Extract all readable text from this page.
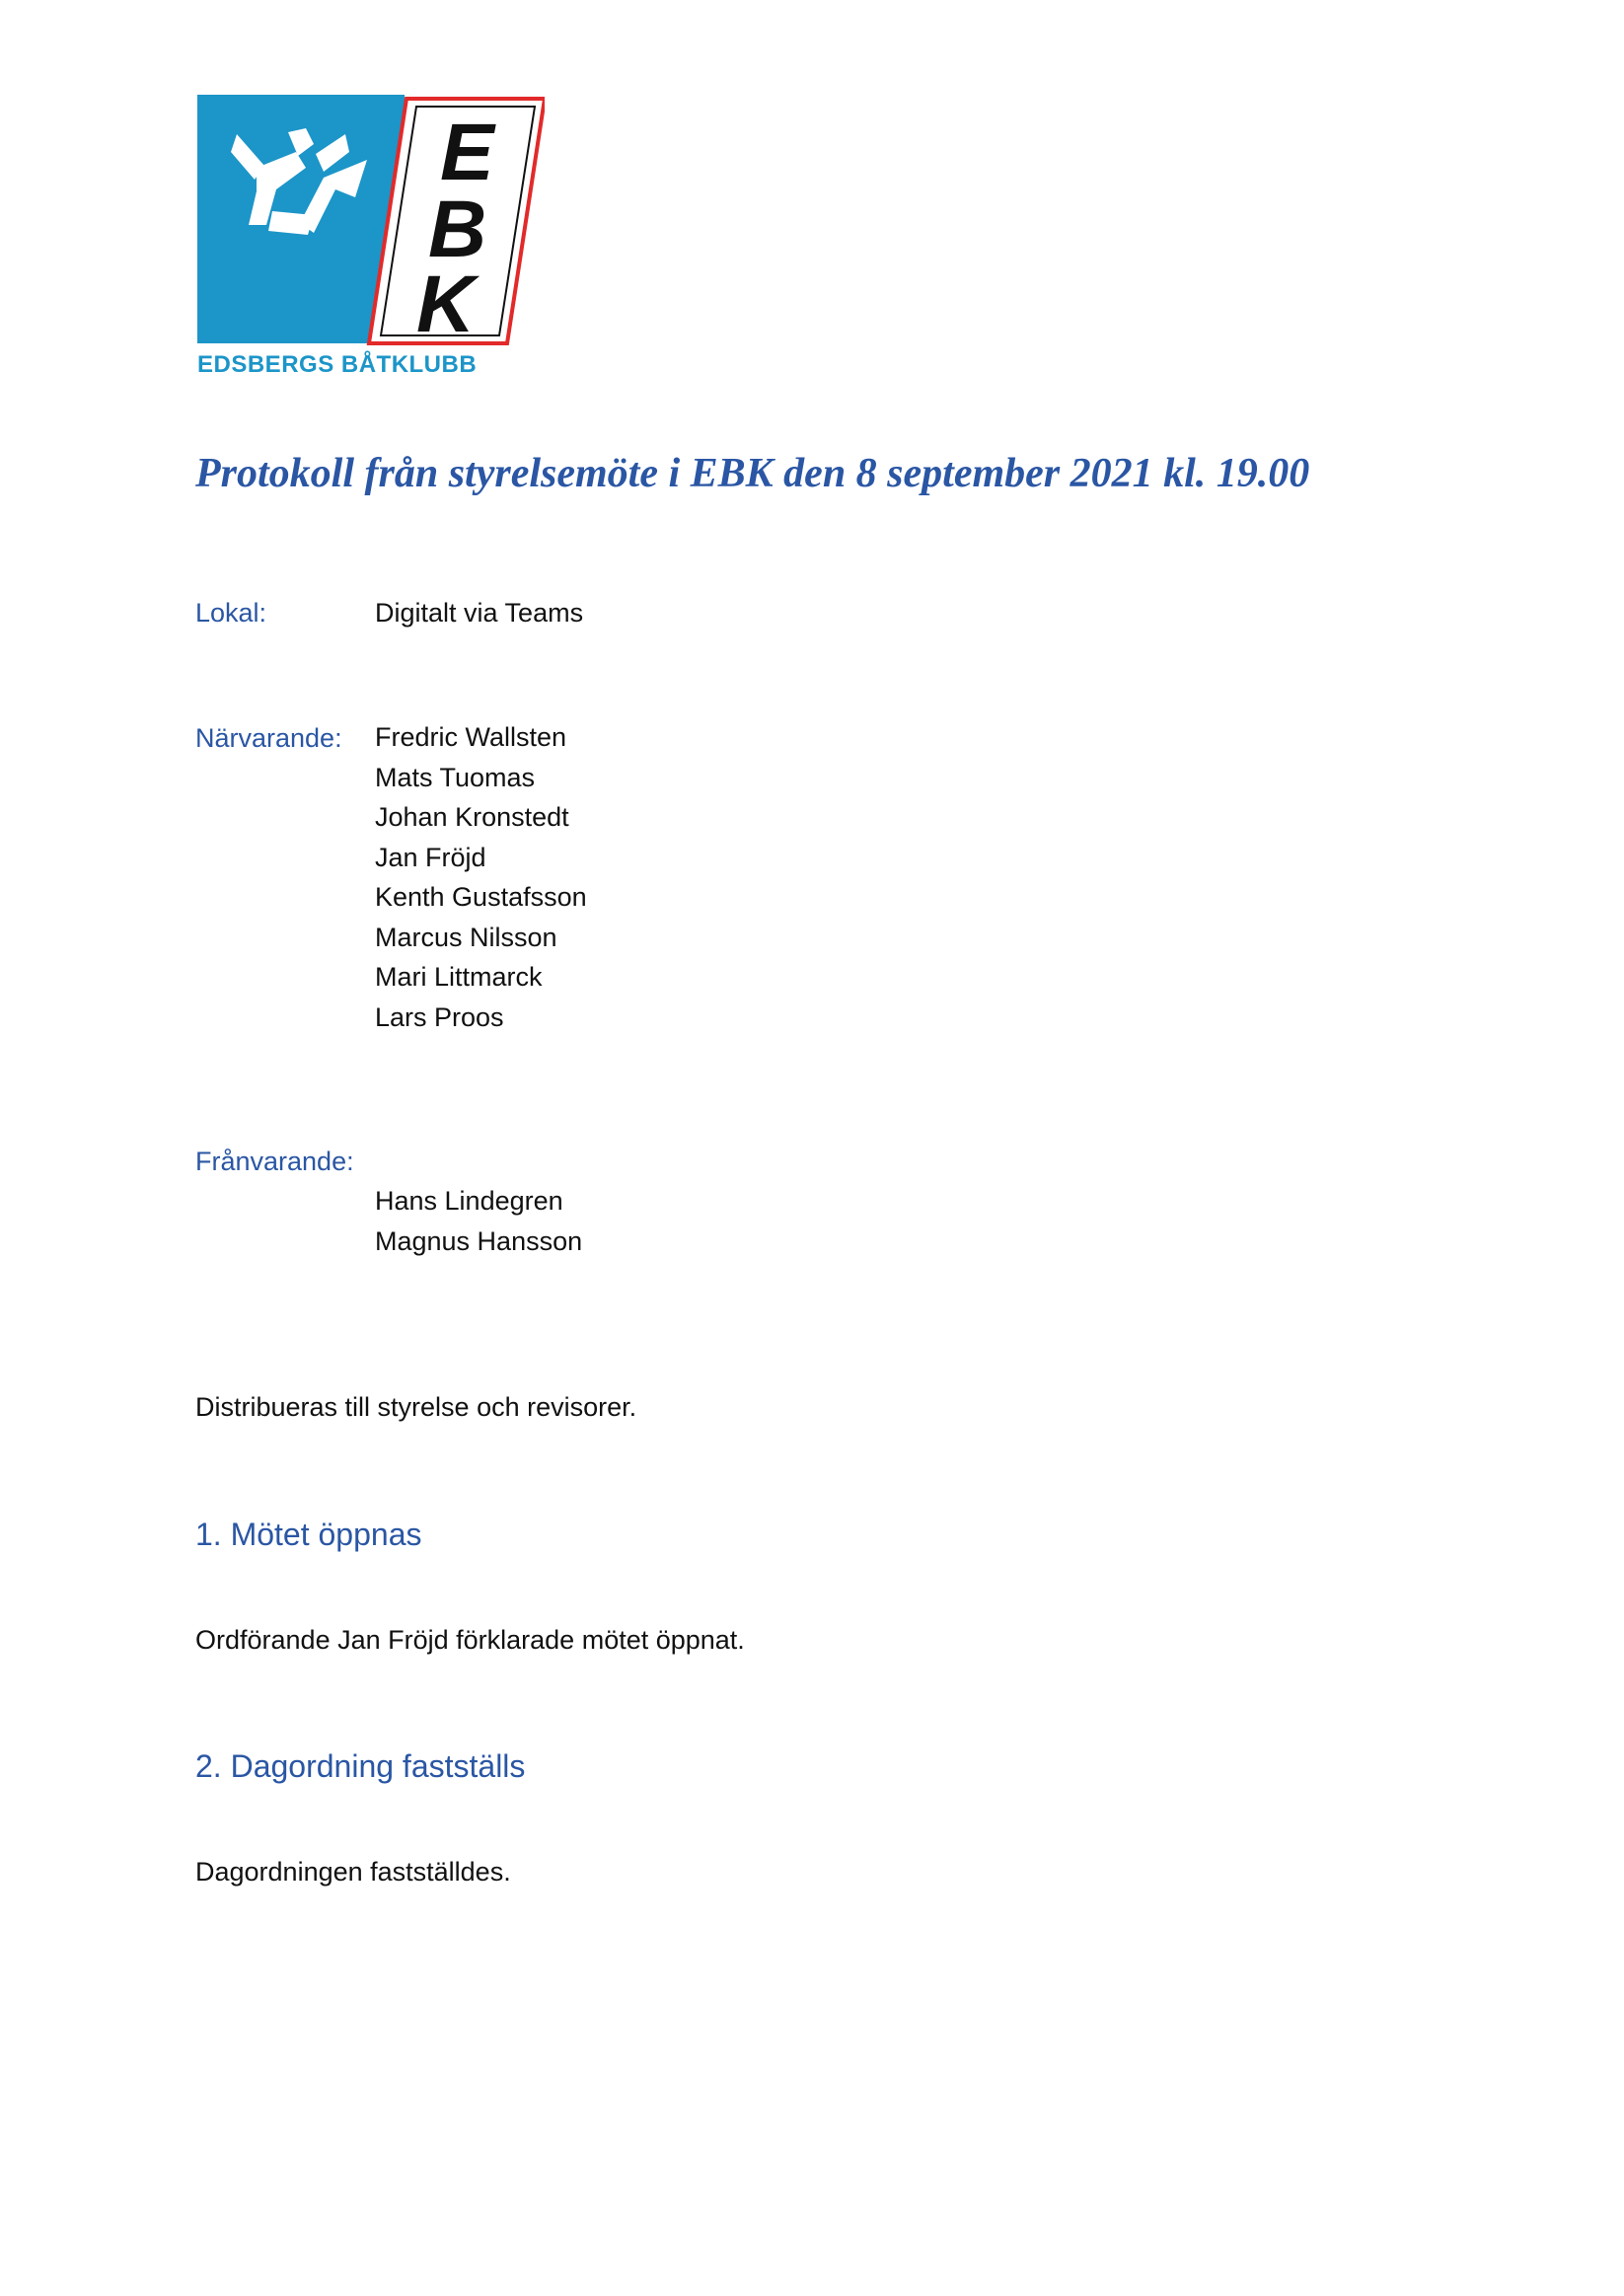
E
B
K
EDSBERGS BÅTKLUBB
Protokoll från styrelsemöte i EBK den 8 september 2021 kl. 19.00
Lokal:	Digitalt via Teams
Närvarande: Fredric Wallsten
Mats Tuomas
Johan Kronstedt
Jan Fröjd
Kenth Gustafsson
Marcus Nilsson
Mari Littmarck
Lars Proos
Frånvarande:
Hans Lindegren
Magnus Hansson
Distribueras till styrelse och revisorer.
1. Mötet öppnas
Ordförande Jan Fröjd förklarade mötet öppnat.
2. Dagordning fastställs
Dagordningen fastställdes.
